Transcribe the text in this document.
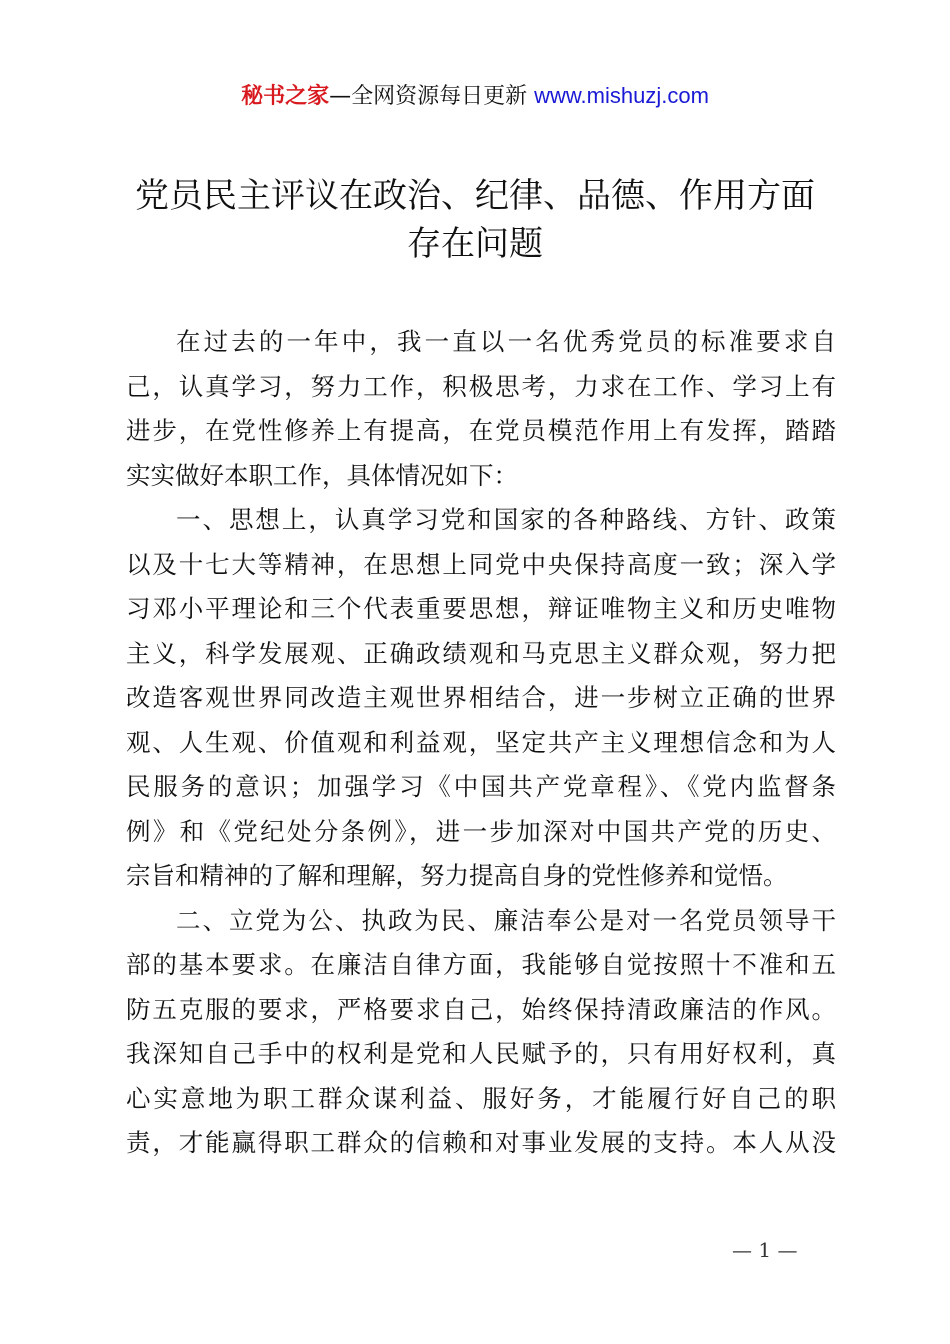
秘书之家—全网资源每日更新 www.mishuzj.com
党员民主评议在政治、纪律、品德、作用方面
存在问题

在过去的一年中，我一直以一名优秀党员的标准要求自
己，认真学习，努力工作，积极思考，力求在工作、学习上有
进步，在党性修养上有提高，在党员模范作用上有发挥，踏踏
实实做好本职工作，具体情况如下：

一、思想上，认真学习党和国家的各种路线、方针、政策
以及十七大等精神，在思想上同党中央保持高度一致；深入学
习邓小平理论和三个代表重要思想，辩证唯物主义和历史唯物
主义，科学发展观、正确政绩观和马克思主义群众观，努力把
改造客观世界同改造主观世界相结合，进一步树立正确的世界
观、人生观、价值观和利益观，坚定共产主义理想信念和为人
民服务的意识；加强学习《中国共产党章程》、《党内监督条
例》和《党纪处分条例》，进一步加深对中国共产党的历史、
宗旨和精神的了解和理解，努力提高自身的党性修养和觉悟。

二、立党为公、执政为民、廉洁奉公是对一名党员领导干
部的基本要求。在廉洁自律方面，我能够自觉按照十不准和五
防五克服的要求，严格要求自己，始终保持清政廉洁的作风。
我深知自己手中的权利是党和人民赋予的，只有用好权利，真
心实意地为职工群众谋利益、服好务，才能履行好自己的职
责，才能赢得职工群众的信赖和对事业发展的支持。本人从没

— 1 —
